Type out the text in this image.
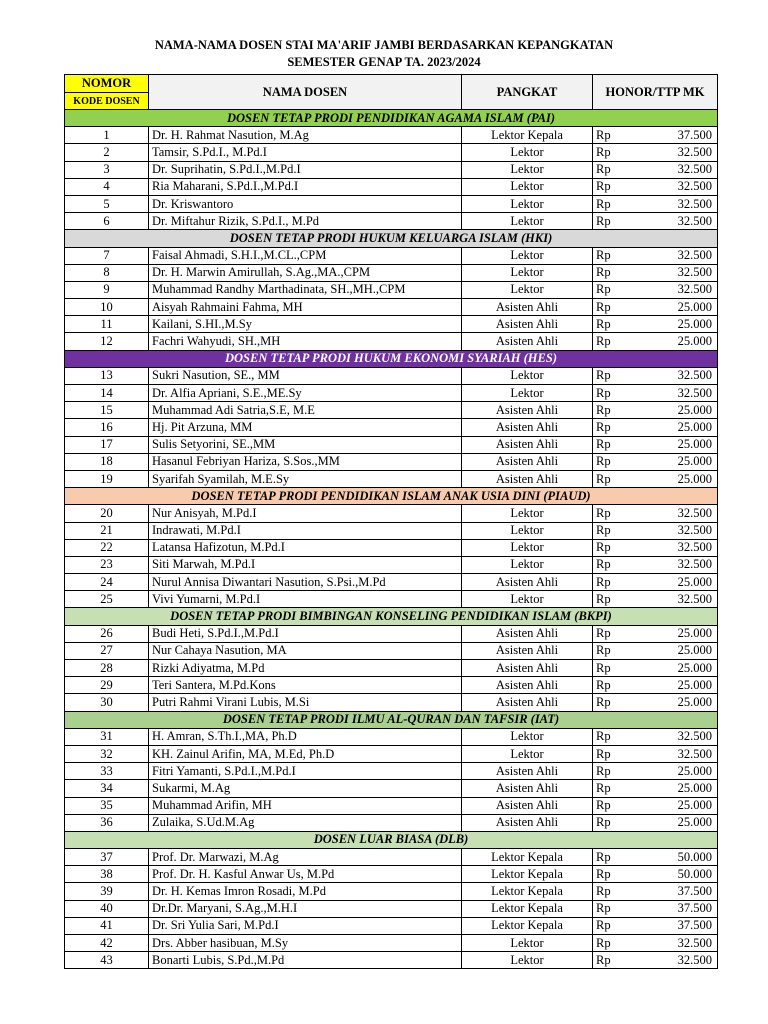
NAMA-NAMA DOSEN STAI MA'ARIF JAMBI BERDASARKAN KEPANGKATAN
SEMESTER GENAP TA. 2023/2024
NOMOR	NAMA DOSEN	PANGKAT	HONOR/TTP MK	
KODE DOSEN				
DOSEN TETAP PRODI PENDIDIKAN AGAMA ISLAM (PAI)				
1	Dr. H. Rahmat Nasution, M.Ag	Lektor Kepala	Rp	37.500
2	Tamsir, S.Pd.I., M.Pd.I	Lektor	Rp	32.500
3	Dr. Suprihatin, S.Pd.I.,M.Pd.I	Lektor	Rp	32.500
4	Ria Maharani, S.Pd.I.,M.Pd.I	Lektor	Rp	32.500
5	Dr. Kriswantoro	Lektor	Rp	32.500
6	Dr. Miftahur Rizik, S.Pd.I., M.Pd	Lektor	Rp	32.500
DOSEN TETAP PRODI HUKUM KELUARGA ISLAM (HKI)				
7	Faisal Ahmadi, S.H.I.,M.CL.,CPM	Lektor	Rp	32.500
8	Dr. H. Marwin Amirullah, S.Ag.,MA.,CPM	Lektor	Rp	32.500
9	Muhammad Randhy Marthadinata, SH.,MH.,CPM	Lektor	Rp	32.500
10	Aisyah Rahmaini Fahma, MH	Asisten Ahli	Rp	25.000
11	Kailani, S.HI.,M.Sy	Asisten Ahli	Rp	25.000
12	Fachri Wahyudi, SH.,MH	Asisten Ahli	Rp	25.000
DOSEN TETAP PRODI HUKUM EKONOMI SYARIAH (HES)				
13	Sukri Nasution, SE., MM	Lektor	Rp	32.500
14	Dr. Alfia Apriani, S.E.,ME.Sy	Lektor	Rp	32.500
15	Muhammad Adi Satria,S.E, M.E	Asisten Ahli	Rp	25.000
16	Hj. Pit Arzuna, MM	Asisten Ahli	Rp	25.000
17	Sulis Setyorini, SE.,MM	Asisten Ahli	Rp	25.000
18	Hasanul Febriyan Hariza, S.Sos.,MM	Asisten Ahli	Rp	25.000
19	Syarifah Syamilah, M.E.Sy	Asisten Ahli	Rp	25.000
DOSEN TETAP PRODI PENDIDIKAN ISLAM ANAK USIA DINI (PIAUD)				
20	Nur Anisyah, M.Pd.I	Lektor	Rp	32.500
21	Indrawati, M.Pd.I	Lektor	Rp	32.500
22	Latansa Hafizotun, M.Pd.I	Lektor	Rp	32.500
23	Siti Marwah, M.Pd.I	Lektor	Rp	32.500
24	Nurul Annisa Diwantari Nasution, S.Psi.,M.Pd	Asisten Ahli	Rp	25.000
25	Vivi Yumarni, M.Pd.I	Lektor	Rp	32.500
DOSEN TETAP PRODI BIMBINGAN KONSELING PENDIDIKAN ISLAM (BKPI)				
26	Budi Heti, S.Pd.I.,M.Pd.I	Asisten Ahli	Rp	25.000
27	Nur Cahaya Nasution, MA	Asisten Ahli	Rp	25.000
28	Rizki Adiyatma, M.Pd	Asisten Ahli	Rp	25.000
29	Teri Santera, M.Pd.Kons	Asisten Ahli	Rp	25.000
30	Putri Rahmi Virani Lubis, M.Si	Asisten Ahli	Rp	25.000
DOSEN TETAP PRODI ILMU AL-QURAN DAN TAFSIR (IAT)				
31	H. Amran, S.Th.I.,MA, Ph.D	Lektor	Rp	32.500
32	KH. Zainul Arifin, MA, M.Ed, Ph.D	Lektor	Rp	32.500
33	Fitri Yamanti, S.Pd.I.,M.Pd.I	Asisten Ahli	Rp	25.000
34	Sukarmi, M.Ag	Asisten Ahli	Rp	25.000
35	Muhammad Arifin, MH	Asisten Ahli	Rp	25.000
36	Zulaika, S.Ud.M.Ag	Asisten Ahli	Rp	25.000
DOSEN LUAR BIASA (DLB)				
37	Prof. Dr. Marwazi, M.Ag	Lektor Kepala	Rp	50.000
38	Prof. Dr. H. Kasful Anwar Us, M.Pd	Lektor Kepala	Rp	50.000
39	Dr. H. Kemas Imron Rosadi, M.Pd	Lektor Kepala	Rp	37.500
40	Dr.Dr. Maryani, S.Ag.,M.H.I	Lektor Kepala	Rp	37.500
41	Dr. Sri Yulia Sari, M.Pd.I	Lektor Kepala	Rp	37.500
42	Drs. Abber hasibuan, M.Sy	Lektor	Rp	32.500
43	Bonarti Lubis, S.Pd.,M.Pd	Lektor	Rp	32.500
